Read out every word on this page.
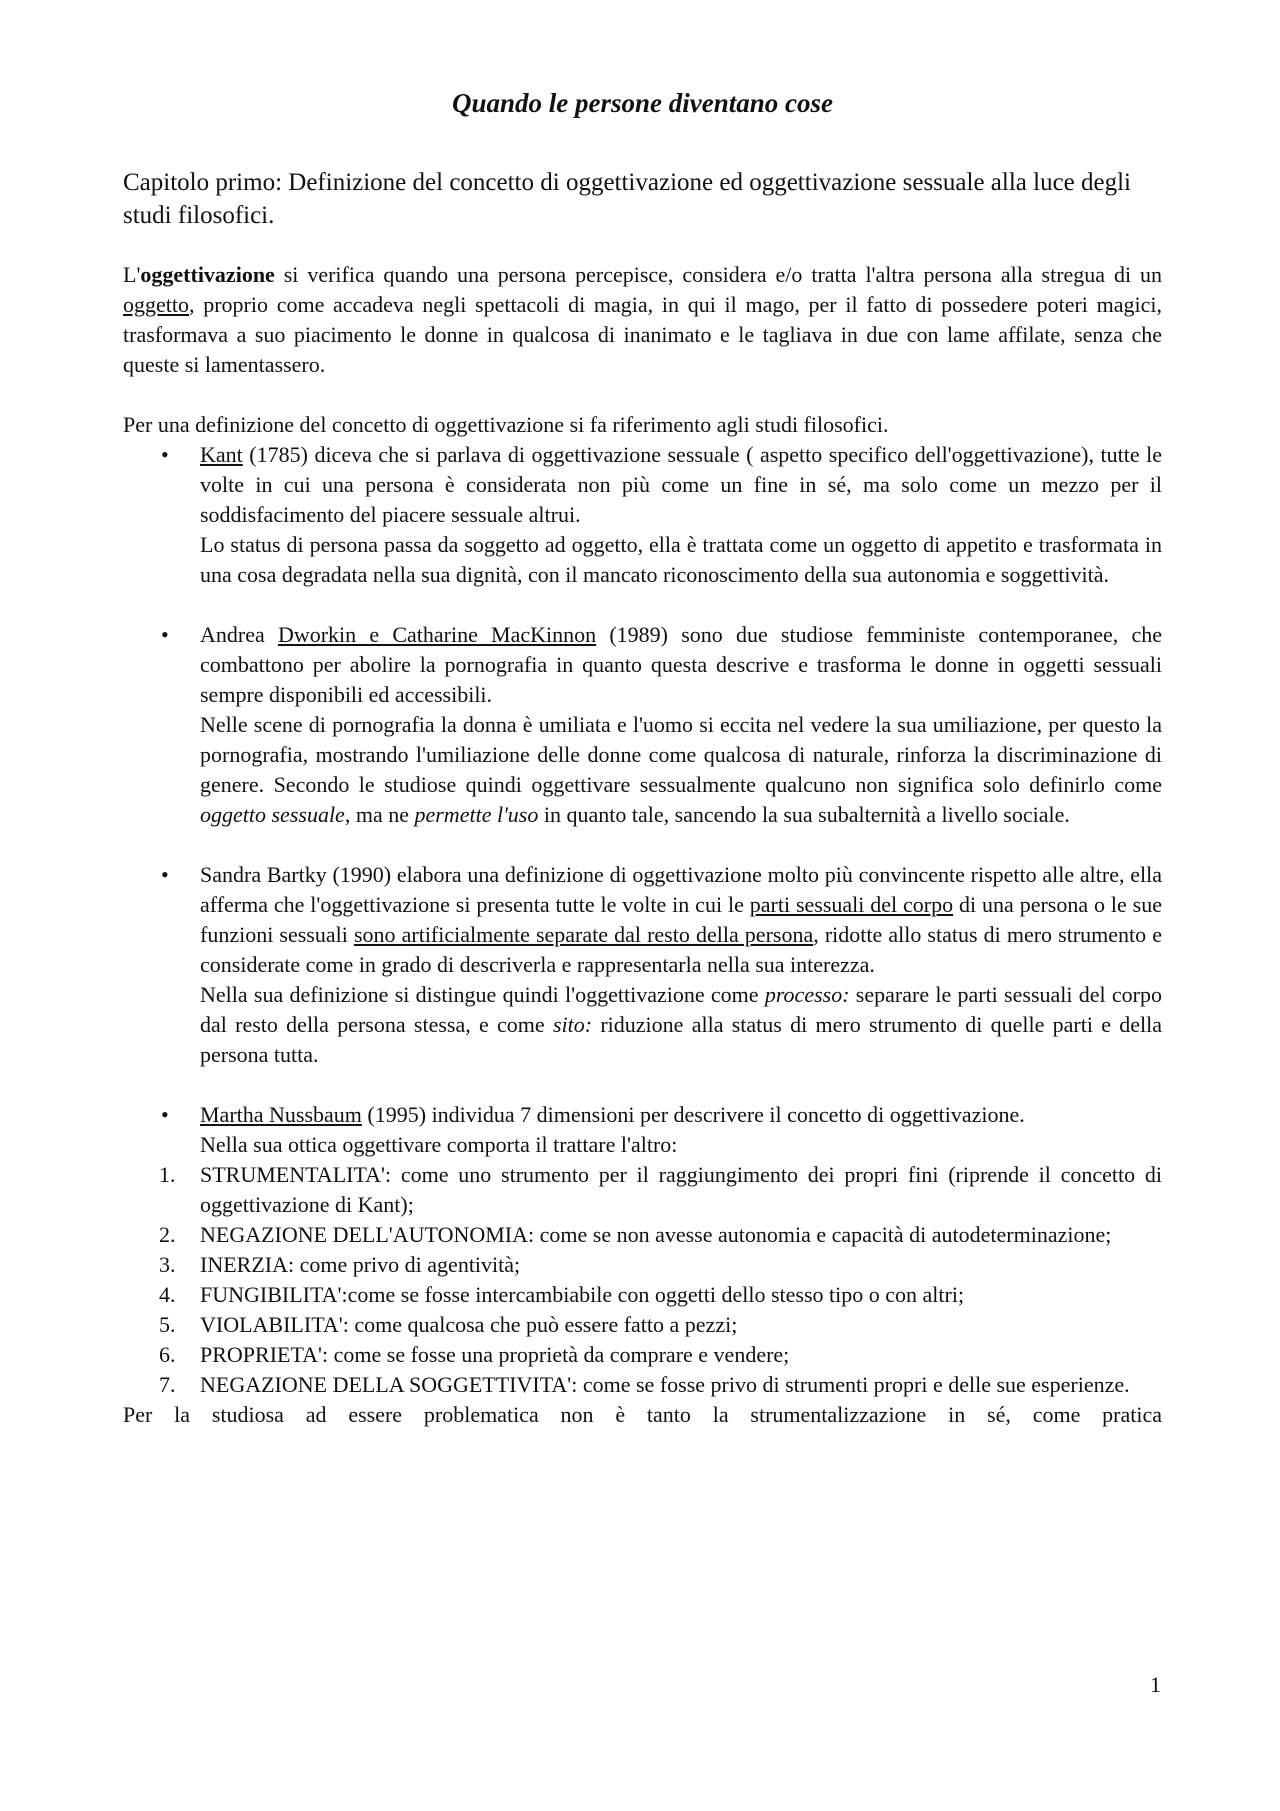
Quando le persone diventano cose
Capitolo primo: Definizione del concetto di oggettivazione ed oggettivazione sessuale alla luce degli studi filosofici.

L'oggettivazione si verifica quando una persona percepisce, considera e/o tratta l'altra persona alla stregua di un oggetto, proprio come accadeva negli spettacoli di magia, in qui il mago, per il fatto di possedere poteri magici, trasformava a suo piacimento le donne in qualcosa di inanimato e le tagliava in due con lame affilate, senza che queste si lamentassero.

Per una definizione del concetto di oggettivazione si fa riferimento agli studi filosofici.

• Kant (1785) diceva che si parlava di oggettivazione sessuale ( aspetto specifico dell'oggettivazione), tutte le volte in cui una persona è considerata non più come un fine in sé, ma solo come un mezzo per il soddisfacimento del piacere sessuale altrui.
Lo status di persona passa da soggetto ad oggetto, ella è trattata come un oggetto di appetito e trasformata in una cosa degradata nella sua dignità, con il mancato riconoscimento della sua autonomia e soggettività.
• Andrea Dworkin e Catharine MacKinnon (1989) sono due studiose femministe contemporanee, che combattono per abolire la pornografia in quanto questa descrive e trasforma le donne in oggetti sessuali sempre disponibili ed accessibili.
Nelle scene di pornografia la donna è umiliata e l'uomo si eccita nel vedere la sua umiliazione, per questo la pornografia, mostrando l'umiliazione delle donne come qualcosa di naturale, rinforza la discriminazione di genere. Secondo le studiose quindi oggettivare sessualmente qualcuno non significa solo definirlo come oggetto sessuale, ma ne permette l'uso in quanto tale, sancendo la sua subalternità a livello sociale.
• Sandra Bartky (1990) elabora una definizione di oggettivazione molto più convincente rispetto alle altre, ella afferma che l'oggettivazione si presenta tutte le volte in cui le parti sessuali del corpo di una persona o le sue funzioni sessuali sono artificialmente separate dal resto della persona, ridotte allo status di mero strumento e considerate come in grado di descriverla e rappresentarla nella sua interezza.
Nella sua definizione si distingue quindi l'oggettivazione come processo: separare le parti sessuali del corpo dal resto della persona stessa, e come sito: riduzione alla status di mero strumento di quelle parti e della persona tutta.
• Martha Nussbaum (1995) individua 7 dimensioni per descrivere il concetto di oggettivazione.
Nella sua ottica oggettivare comporta il trattare l'altro:
1. STRUMENTALITA': come uno strumento per il raggiungimento dei propri fini (riprende il concetto di oggettivazione di Kant);
2. NEGAZIONE DELL'AUTONOMIA: come se non avesse autonomia e capacità di autodeterminazione;
3. INERZIA: come privo di agentività;
4. FUNGIBILITA':come se fosse intercambiabile con oggetti dello stesso tipo o con altri;
5. VIOLABILITA': come qualcosa che può essere fatto a pezzi;
6. PROPRIETA': come se fosse una proprietà da comprare e vendere;
7. NEGAZIONE DELLA SOGGETTIVITA': come se fosse privo di strumenti propri e delle sue esperienze.

Per la studiosa ad essere problematica non è tanto la strumentalizzazione in sé, come pratica

1
